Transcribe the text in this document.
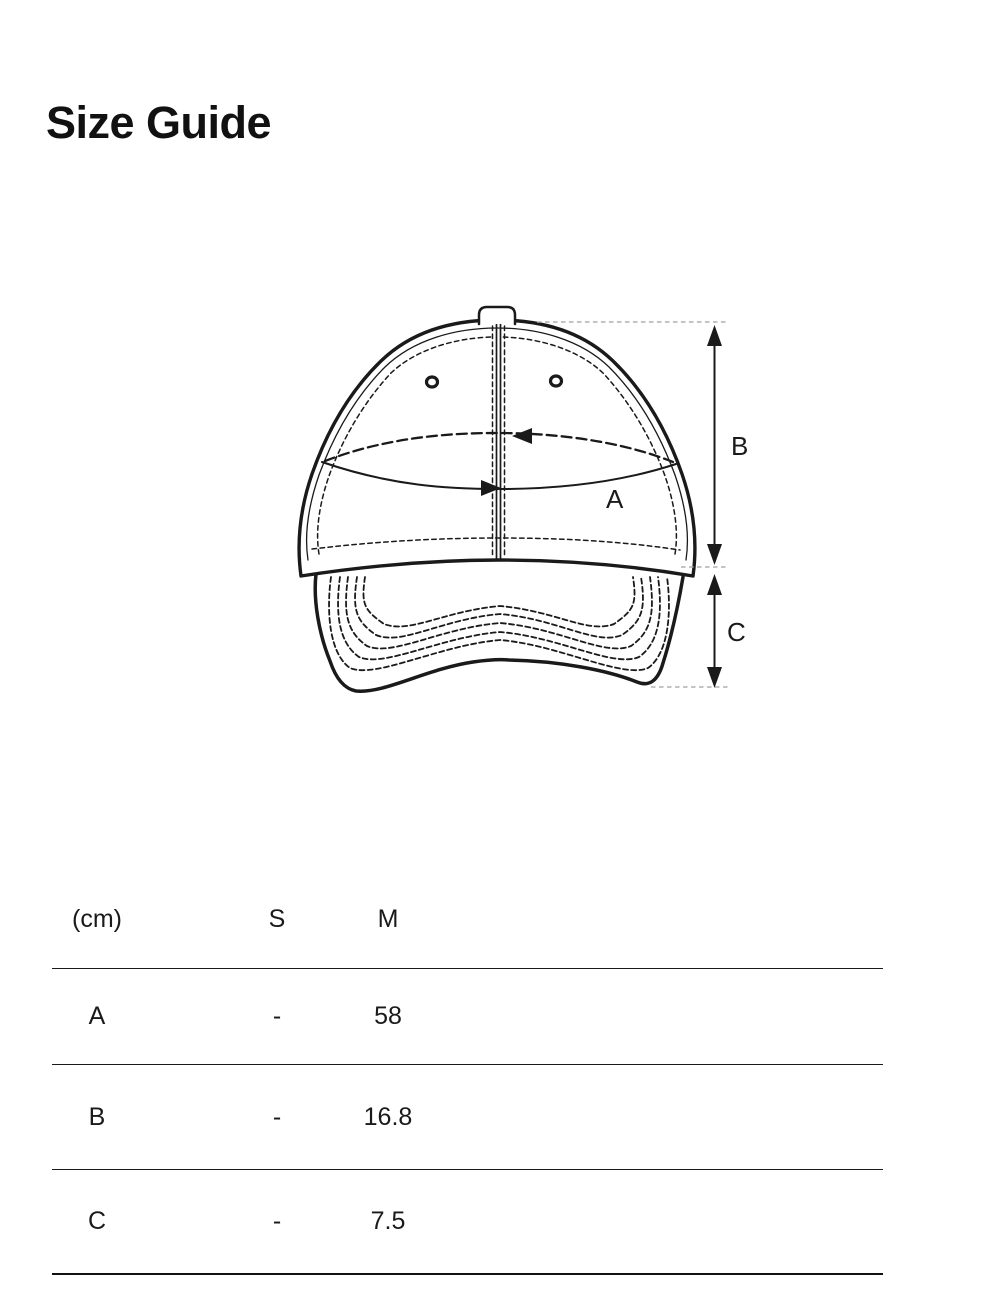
Size Guide
A
B
C
(cm)	S	M
A	-	58
B	-	16.8
C	-	7.5
